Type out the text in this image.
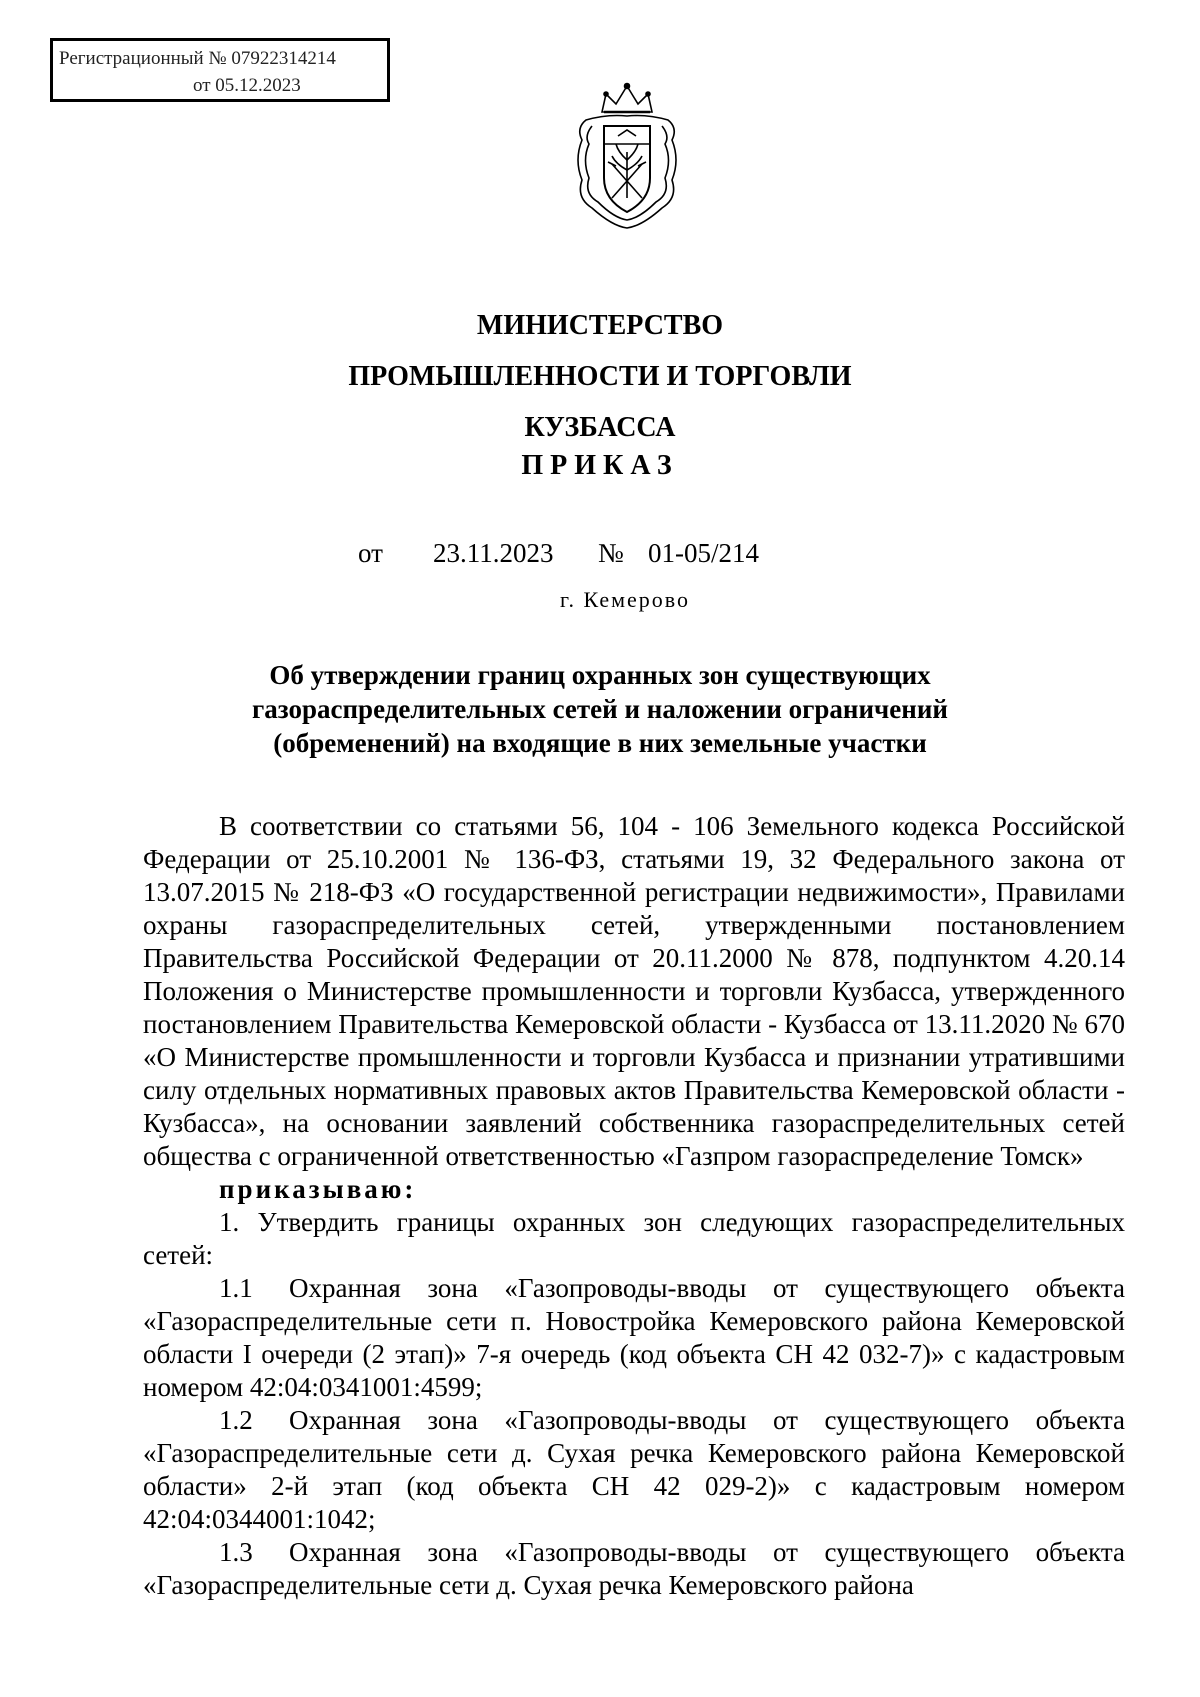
Регистрационный № 07922314214
от 05.12.2023
МИНИСТЕРСТВО
ПРОМЫШЛЕННОСТИ И ТОРГОВЛИ
КУЗБАССА
ПРИКАЗ
от 23.11.2023 № 01-05/214
г. Кемерово
Об утверждении границ охранных зон существующих
газораспределительных сетей и наложении ограничений
(обременений) на входящие в них земельные участки

В соответствии со статьями 56, 104 - 106 Земельного кодекса Российской Федерации от 25.10.2001 № 136-ФЗ, статьями 19, 32 Федерального закона от 13.07.2015 № 218-ФЗ «О государственной регистрации недвижимости», Правилами охраны газораспределительных сетей, утвержденными постановлением Правительства Российской Федерации от 20.11.2000 № 878, подпунктом 4.20.14 Положения о Министерстве промышленности и торговли Кузбасса, утвержденного постановлением Правительства Кемеровской области - Кузбасса от 13.11.2020 № 670 «О Министерстве промышленности и торговли Кузбасса и признании утратившими силу отдельных нормативных правовых актов Правительства Кемеровской области - Кузбасса», на основании заявлений собственника газораспределительных сетей общества с ограниченной ответственностью «Газпром газораспределение Томск»

приказываю:

1. Утвердить границы охранных зон следующих газораспределительных сетей:

1.1 Охранная зона «Газопроводы-вводы от существующего объекта «Газораспределительные сети п. Новостройка Кемеровского района Кемеровской области I очереди (2 этап)» 7-я очередь (код объекта СН 42 032-7)» с кадастровым номером 42:04:0341001:4599;

1.2 Охранная зона «Газопроводы-вводы от существующего объекта «Газораспределительные сети д. Сухая речка Кемеровского района Кемеровской области» 2-й этап (код объекта СН 42 029-2)» с кадастровым номером 42:04:0344001:1042;

1.3 Охранная зона «Газопроводы-вводы от существующего объекта «Газораспределительные сети д. Сухая речка Кемеровского района
